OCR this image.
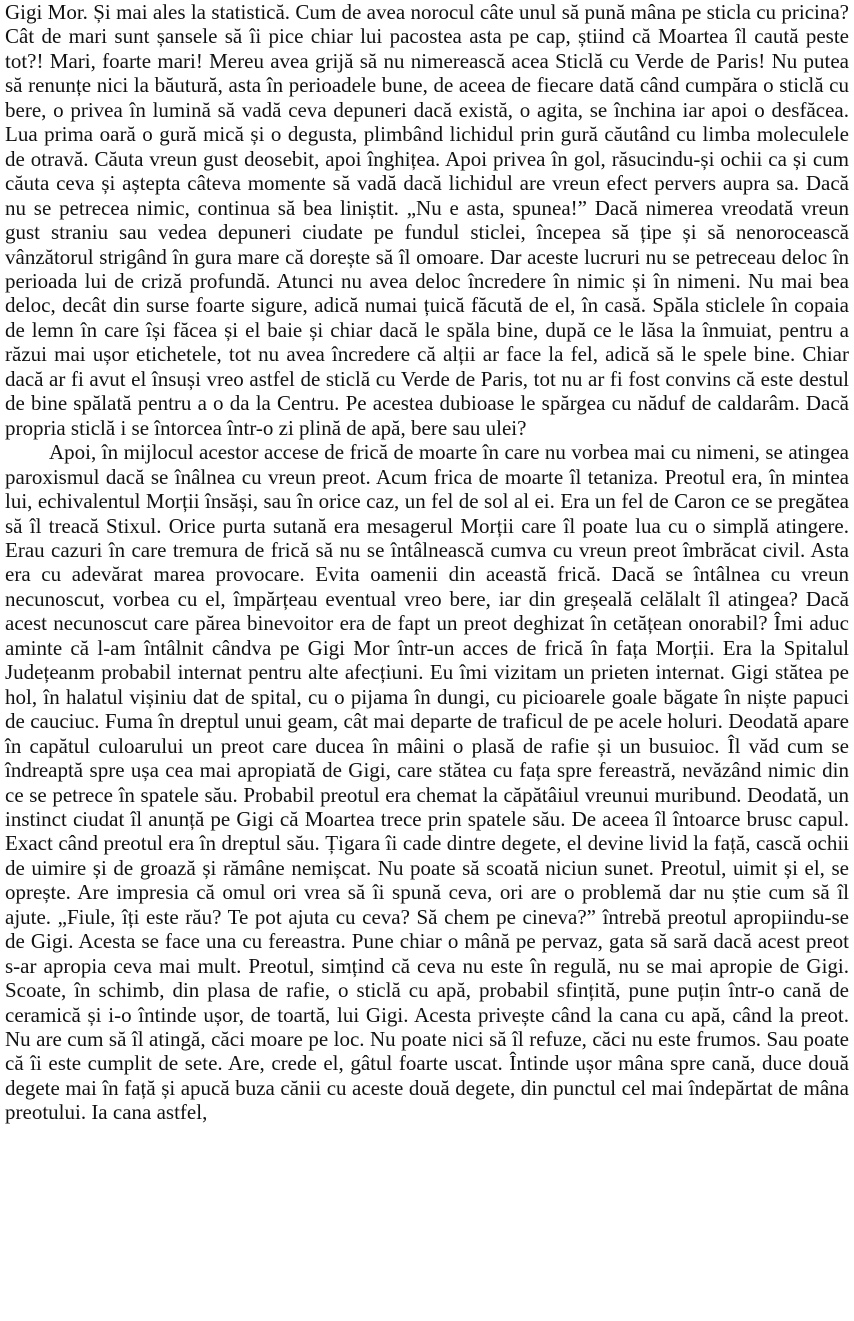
Gigi Mor. Și mai ales la statistică. Cum de avea norocul câte unul să pună mâna pe sticla cu pricina? Cât de mari sunt șansele să îi pice chiar lui pacostea asta pe cap, știind că Moartea îl caută peste tot?! Mari, foarte mari! Mereu avea grijă să nu nimerească acea Sticlă cu Verde de Paris! Nu putea să renunțe nici la băutură, asta în perioadele bune, de aceea de fiecare dată când cumpăra o sticlă cu bere, o privea în lumină să vadă ceva depuneri dacă există, o agita, se închina iar apoi o desfăcea. Lua prima oară o gură mică și o degusta, plimbând lichidul prin gură căutând cu limba moleculele de otravă. Căuta vreun gust deosebit, apoi înghițea. Apoi privea în gol, răsucindu-și ochii ca și cum căuta ceva și aștepta câteva momente să vadă dacă lichidul are vreun efect pervers aupra sa. Dacă nu se petrecea nimic, continua să bea liniștit. „Nu e asta, spunea!” Dacă nimerea vreodată vreun gust straniu sau vedea depuneri ciudate pe fundul sticlei, începea să țipe și să nenorocească vânzătorul strigând în gura mare că dorește să îl omoare. Dar aceste lucruri nu se petreceau deloc în perioada lui de criză profundă. Atunci nu avea deloc încredere în nimic și în nimeni. Nu mai bea deloc, decât din surse foarte sigure, adică numai țuică făcută de el, în casă. Spăla sticlele în copaia de lemn în care își făcea și el baie și chiar dacă le spăla bine, după ce le lăsa la înmuiat, pentru a răzui mai ușor etichetele, tot nu avea încredere că alții ar face la fel, adică să le spele bine. Chiar dacă ar fi avut el însuși vreo astfel de sticlă cu Verde de Paris, tot nu ar fi fost convins că este destul de bine spălată pentru a o da la Centru. Pe acestea dubioase le spărgea cu năduf de caldarâm. Dacă propria sticlă i se întorcea într-o zi plină de apă, bere sau ulei?

Apoi, în mijlocul acestor accese de frică de moarte în care nu vorbea mai cu nimeni, se atingea paroxismul dacă se înâlnea cu vreun preot. Acum frica de moarte îl tetaniza. Preotul era, în mintea lui, echivalentul Morții însăși, sau în orice caz, un fel de sol al ei. Era un fel de Caron ce se pregătea să îl treacă Stixul. Orice purta sutană era mesagerul Morții care îl poate lua cu o simplă atingere. Erau cazuri în care tremura de frică să nu se întâlnească cumva cu vreun preot îmbrăcat civil. Asta era cu adevărat marea provocare. Evita oamenii din această frică. Dacă se întâlnea cu vreun necunoscut, vorbea cu el, împărțeau eventual vreo bere, iar din greșeală celălalt îl atingea? Dacă acest necunoscut care părea binevoitor era de fapt un preot deghizat în cetățean onorabil? Îmi aduc aminte că l-am întâlnit cândva pe Gigi Mor într-un acces de frică în fața Morții. Era la Spitalul Județeanm probabil internat pentru alte afecțiuni. Eu îmi vizitam un prieten internat. Gigi stătea pe hol, în halatul vișiniu dat de spital, cu o pijama în dungi, cu picioarele goale băgate în niște papuci de cauciuc. Fuma în dreptul unui geam, cât mai departe de traficul de pe acele holuri. Deodată apare în capătul culoarului un preot care ducea în mâini o plasă de rafie și un busuioc. Îl văd cum se îndreaptă spre ușa cea mai apropiată de Gigi, care stătea cu fața spre fereastră, nevăzând nimic din ce se petrece în spatele său. Probabil preotul era chemat la căpătâiul vreunui muribund. Deodată, un instinct ciudat îl anunță pe Gigi că Moartea trece prin spatele său. De aceea îl întoarce brusc capul. Exact când preotul era în dreptul său. Țigara îi cade dintre degete, el devine livid la față, cască ochii de uimire și de groază și rămâne nemișcat. Nu poate să scoată niciun sunet. Preotul, uimit și el, se oprește. Are impresia că omul ori vrea să îi spună ceva, ori are o problemă dar nu știe cum să îl ajute. „Fiule, îți este rău? Te pot ajuta cu ceva? Să chem pe cineva?” întrebă preotul apropiindu-se de Gigi. Acesta se face una cu fereastra. Pune chiar o mână pe pervaz, gata să sară dacă acest preot s-ar apropia ceva mai mult. Preotul, simțind că ceva nu este în regulă, nu se mai apropie de Gigi. Scoate, în schimb, din plasa de rafie, o sticlă cu apă, probabil sfințită, pune puțin într-o cană de ceramică și i-o întinde ușor, de toartă, lui Gigi. Acesta privește când la cana cu apă, când la preot. Nu are cum să îl atingă, căci moare pe loc. Nu poate nici să îl refuze, căci nu este frumos. Sau poate că îi este cumplit de sete. Are, crede el, gâtul foarte uscat. Întinde ușor mâna spre cană, duce două degete mai în față și apucă buza cănii cu aceste două degete, din punctul cel mai îndepărtat de mâna preotului. Ia cana astfel,
